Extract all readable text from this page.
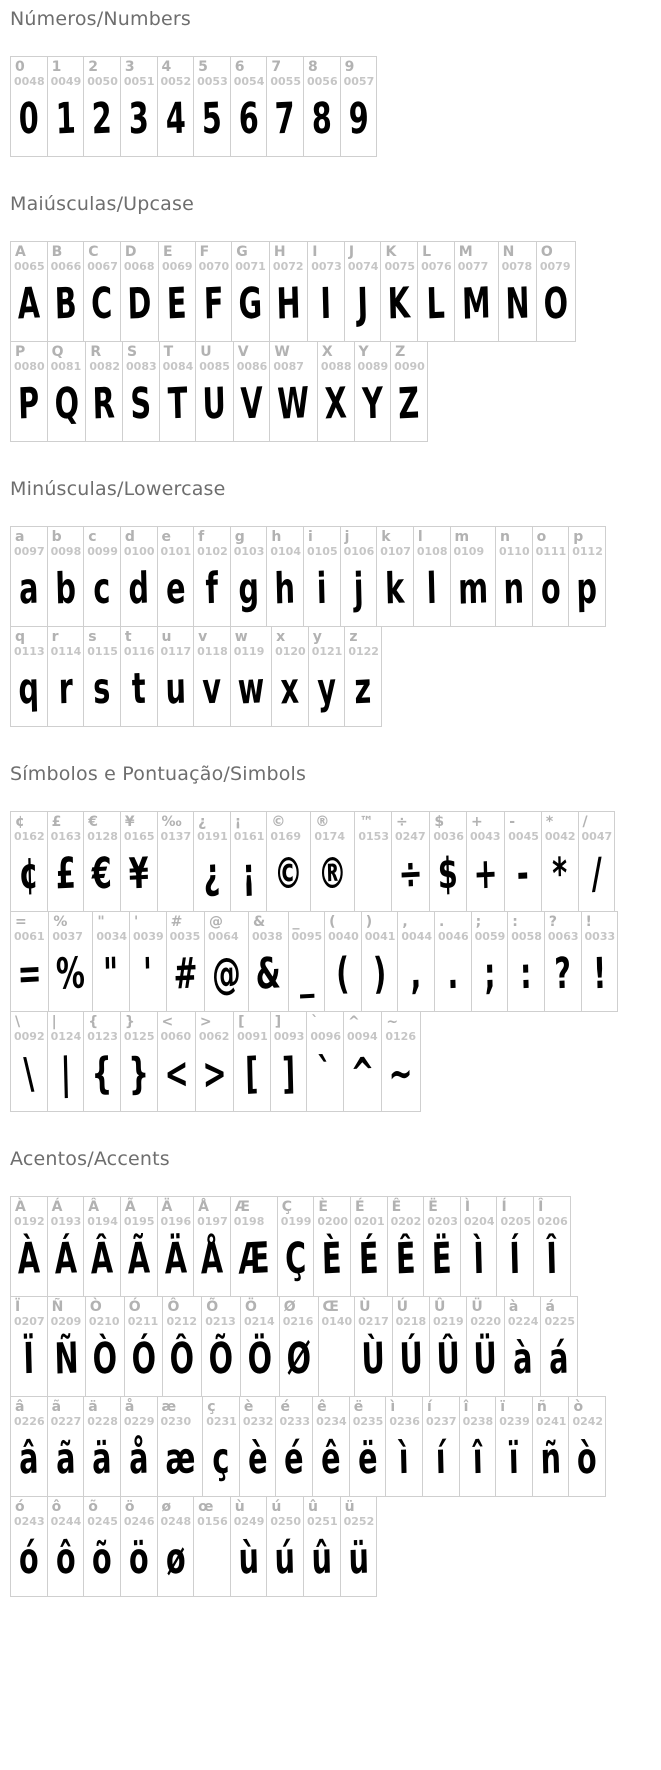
Números/Numbers
0
0048
0
1
0049
1
2
0050
2
3
0051
3
4
0052
4
5
0053
5
6
0054
6
7
0055
7
8
0056
8
9
0057
9
Maiúsculas/Upcase
A
0065
A
B
0066
B
C
0067
C
D
0068
D
E
0069
E
F
0070
F
G
0071
G
H
0072
H
I
0073
I
J
0074
J
K
0075
K
L
0076
L
M
0077
M
N
0078
N
O
0079
O
P
0080
P
Q
0081
Q
R
0082
R
S
0083
S
T
0084
T
U
0085
U
V
0086
V
W
0087
W
X
0088
X
Y
0089
Y
Z
0090
Z
Minúsculas/Lowercase
a
0097
a
b
0098
b
c
0099
c
d
0100
d
e
0101
e
f
0102
f
g
0103
g
h
0104
h
i
0105
i
j
0106
j
k
0107
k
l
0108
l
m
0109
m
n
0110
n
o
0111
o
p
0112
p
q
0113
q
r
0114
r
s
0115
s
t
0116
t
u
0117
u
v
0118
v
w
0119
w
x
0120
x
y
0121
y
z
0122
z
Símbolos e Pontuação/Simbols
¢
0162
¢
£
0163
£
€
0128
€
¥
0165
¥
‰
0137
¿
0191
¿
¡
0161
¡
©
0169
©
®
0174
®
™
0153
÷
0247
÷
$
0036
$
+
0043
+
-
0045
-
*
0042
*
/
0047
/
=
0061
=
%
0037
%
"
0034
"
'
0039
'
#
0035
#
@
0064
@
&
0038
&
_
0095
_
(
0040
(
)
0041
)
,
0044
,
.
0046
.
;
0059
;
:
0058
:
?
0063
?
!
0033
!
\
0092
\
|
0124
|
{
0123
{
}
0125
}
<
0060
<
>
0062
>
[
0091
[
]
0093
]
`
0096
`
^
0094
^
~
0126
~
Acentos/Accents
À
0192
À
Á
0193
Á
Â
0194
Â
Ã
0195
Ã
Ä
0196
Ä
Å
0197
Å
Æ
0198
Æ
Ç
0199
Ç
È
0200
È
É
0201
É
Ê
0202
Ê
Ë
0203
Ë
Ì
0204
Ì
Í
0205
Í
Î
0206
Î
Ï
0207
Ï
Ñ
0209
Ñ
Ò
0210
Ò
Ó
0211
Ó
Ô
0212
Ô
Õ
0213
Õ
Ö
0214
Ö
Ø
0216
Ø
Œ
0140
Ù
0217
Ù
Ú
0218
Ú
Û
0219
Û
Ü
0220
Ü
à
0224
à
á
0225
á
â
0226
â
ã
0227
ã
ä
0228
ä
å
0229
å
æ
0230
æ
ç
0231
ç
è
0232
è
é
0233
é
ê
0234
ê
ë
0235
ë
ì
0236
ì
í
0237
í
î
0238
î
ï
0239
ï
ñ
0241
ñ
ò
0242
ò
ó
0243
ó
ô
0244
ô
õ
0245
õ
ö
0246
ö
ø
0248
ø
œ
0156
ù
0249
ù
ú
0250
ú
û
0251
û
ü
0252
ü
